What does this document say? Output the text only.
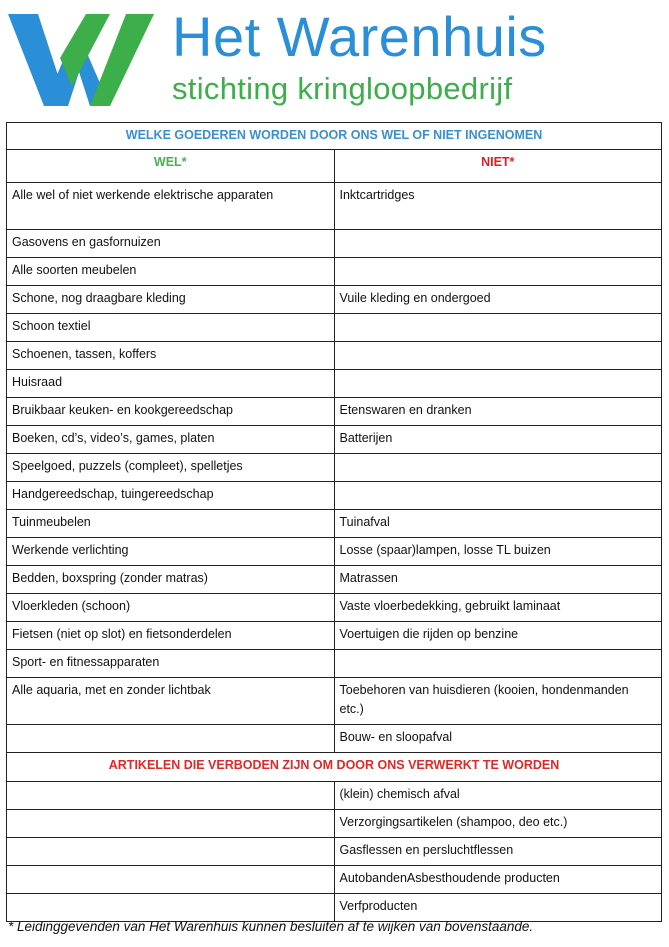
Het Warenhuis
stichting kringloopbedrijf
WELKE GOEDEREN WORDEN DOOR ONS WEL OF NIET INGENOMEN	
WEL*	NIET*
Alle wel of niet werkende elektrische apparaten	Inktcartridges
Gasovens en gasfornuizen	
Alle soorten meubelen	
Schone, nog draagbare kleding	Vuile kleding en ondergoed
Schoon textiel	
Schoenen, tassen, koffers	
Huisraad	
Bruikbaar keuken- en kookgereedschap	Etenswaren en dranken
Boeken, cd’s, video’s, games, platen	Batterijen
Speelgoed, puzzels (compleet), spelletjes	
Handgereedschap, tuingereedschap	
Tuinmeubelen	Tuinafval
Werkende verlichting	Losse (spaar)lampen, losse TL buizen
Bedden, boxspring (zonder matras)	Matrassen
Vloerkleden (schoon)	Vaste vloerbedekking, gebruikt laminaat
Fietsen (niet op slot) en fietsonderdelen	Voertuigen die rijden op benzine
Sport- en fitnessapparaten	
Alle aquaria, met en zonder lichtbak	Toebehoren van huisdieren (kooien, hondenmanden etc.)
	Bouw- en sloopafval
ARTIKELEN DIE VERBODEN ZIJN OM DOOR ONS VERWERKT TE WORDEN	
	(klein) chemisch afval
	Verzorgingsartikelen (shampoo, deo etc.)
	Gasflessen en persluchtflessen
	AutobandenAsbesthoudende producten
	Verfproducten
* Leidinggevenden van Het Warenhuis kunnen besluiten af te wijken van bovenstaande.
